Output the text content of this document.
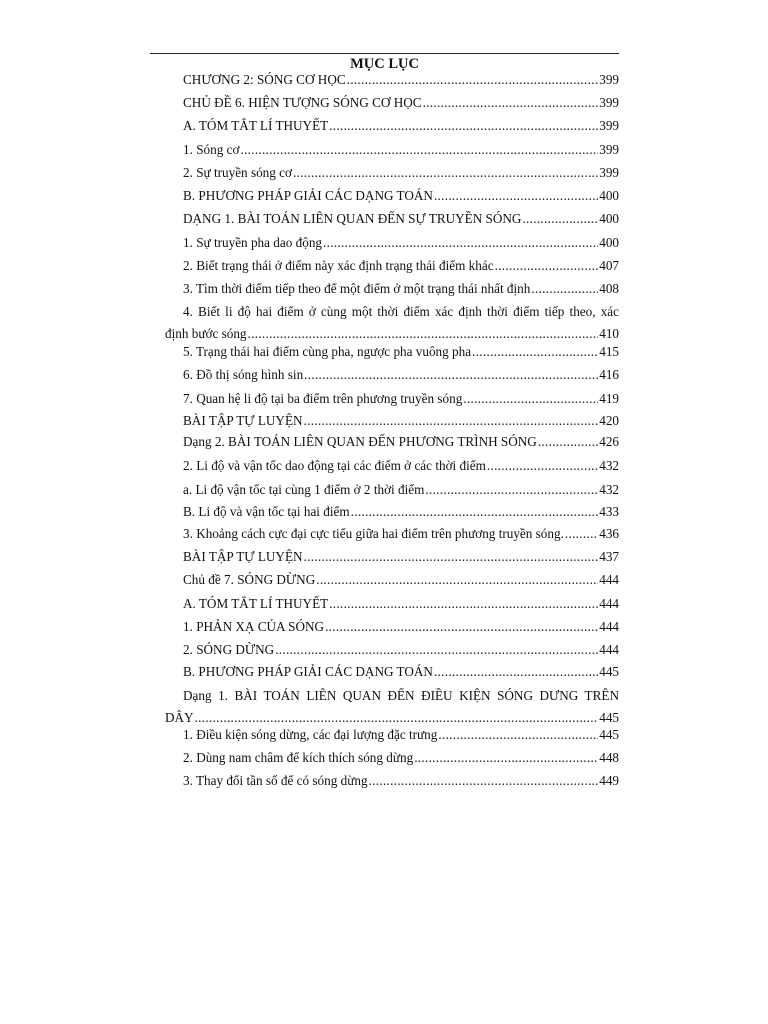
MỤC LỤC
CHƯƠNG 2: SÓNG CƠ HỌC .....	399
CHỦ ĐỀ 6. HIỆN TƯỢNG SÓNG CƠ HỌC .....	399
A. TÓM TẮT LÍ THUYẾT .....	399
1. Sóng cơ .....	399
2. Sự truyền sóng cơ .....	399
B. PHƯƠNG PHÁP GIẢI CÁC DẠNG TOÁN .....	400
DẠNG 1. BÀI TOÁN LIÊN QUAN ĐẾN SỰ TRUYỀN SÓNG .....	400
1. Sự truyền pha dao động .....	400
2. Biết trạng thái ở điểm này xác định trạng thái điểm khác .....	407
3. Tìm thời điểm tiếp theo để một điểm ở một trạng thái nhất định .....	408
4. Biết li độ hai điểm ở cùng một thời điểm xác định thời điểm tiếp theo, xác
định bước sóng .....	410
5. Trạng thái hai điểm cùng pha, ngược pha vuông pha .....	415
6. Đồ thị sóng hình sin .....	416
7. Quan hệ li độ tại ba điểm trên phương truyền sóng .....	419
BÀI TẬP TỰ LUYỆN .....	420
Dạng 2. BÀI TOÁN LIÊN QUAN ĐẾN PHƯƠNG TRÌNH SÓNG .....	426
2. Li độ và vận tốc dao động tại các điểm ở các thời điểm .....	432
a. Li độ vận tốc tại cùng 1 điểm ở 2 thời điểm .....	432
B. Li độ và vận tốc tại hai điểm .....	433
3. Khoảng cách cực đại cực tiểu giữa hai điểm trên phương truyền sóng. .....	436
BÀI TẬP TỰ LUYỆN .....	437
Chủ đề 7. SÓNG DỪNG .....	444
A. TÓM TẮT LÍ THUYẾT .....	444
1. PHẢN XẠ CỦA SÓNG .....	444
2. SÓNG DỪNG .....	444
B. PHƯƠNG PHÁP GIẢI CÁC DẠNG TOÁN .....	445
Dạng 1. BÀI TOÁN LIÊN QUAN ĐẾN ĐIỀU KIỆN SÓNG DƯNG TRÊN
DÂY .....	445
1. Điều kiện sóng dừng, các đại lượng đặc trưng .....	445
2. Dùng nam châm để kích thích sóng dừng .....	448
3. Thay đổi tần số để có sóng dừng .....	449
